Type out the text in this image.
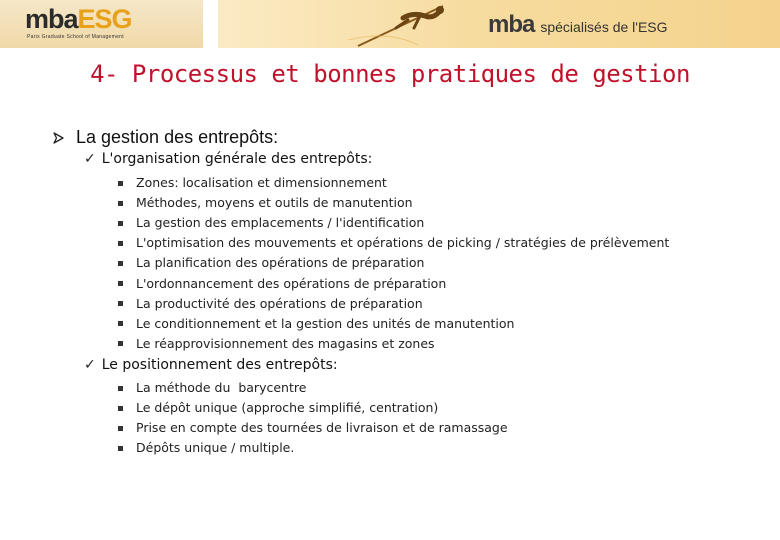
mbaESG
Paris Graduate School of Management	mba spécialisés de l'ESG
4- Processus et bonnes pratiques de gestion
La gestion des entrepôts:
✓ L'organisation générale des entrepôts:
Zones: localisation et dimensionnement
Méthodes, moyens et outils de manutention
La gestion des emplacements / l'identification
L'optimisation des mouvements et opérations de picking / stratégies de prélèvement
La planification des opérations de préparation
L'ordonnancement des opérations de préparation
La productivité des opérations de préparation
Le conditionnement et la gestion des unités de manutention
Le réapprovisionnement des magasins et zones
✓ Le positionnement des entrepôts:
La méthode du  barycentre
Le dépôt unique (approche simplifié, centration)
Prise en compte des tournées de livraison et de ramassage
Dépôts unique / multiple.
